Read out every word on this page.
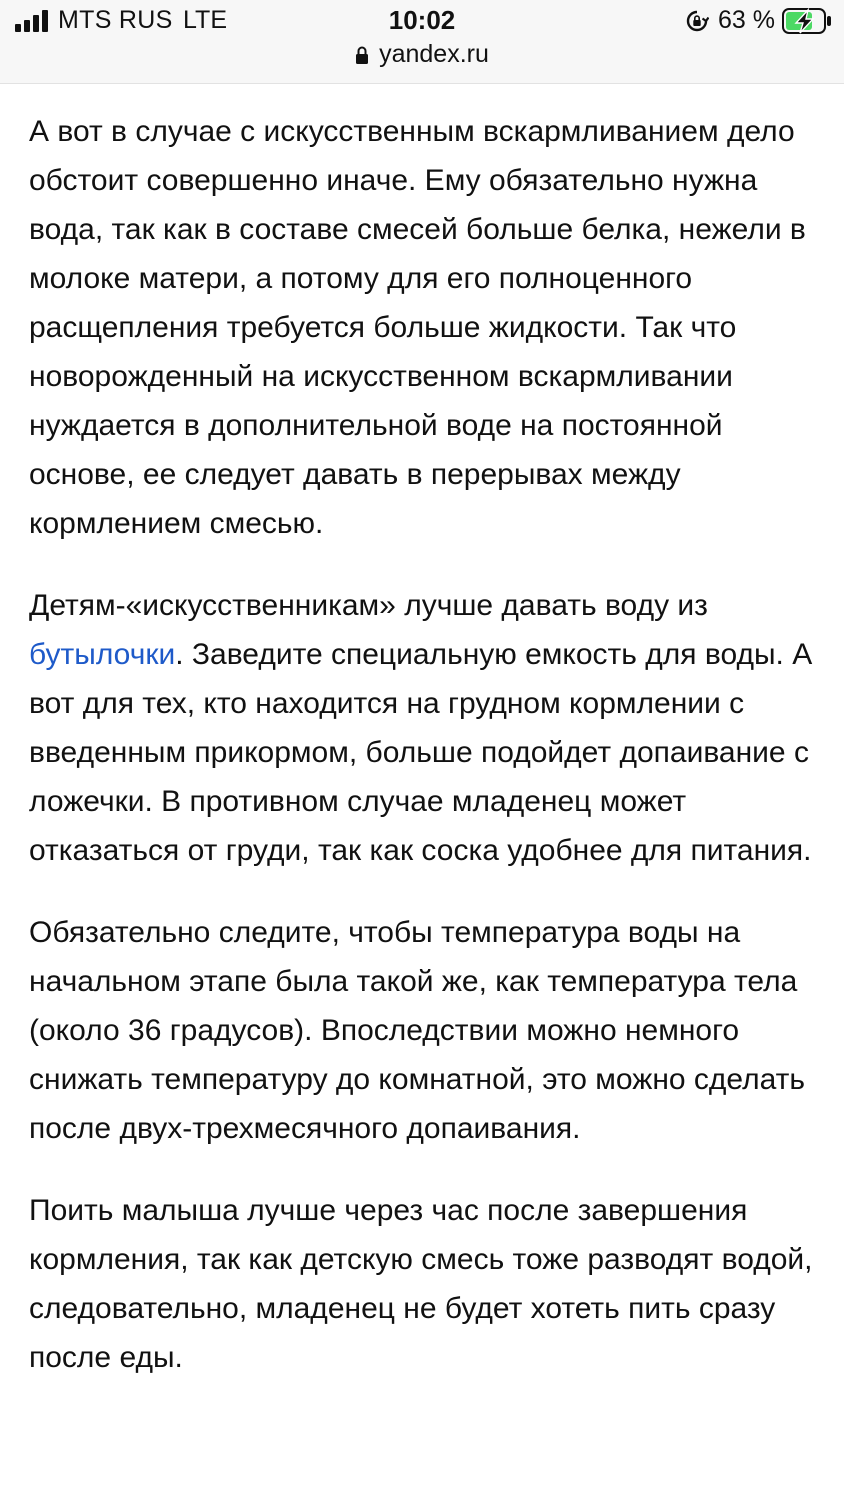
MTS RUS LTE	10:02	63 %
yandex.ru

А вот в случае с искусственным вскармливанием дело обстоит совершенно иначе. Ему обязательно нужна вода, так как в составе смесей больше белка, нежели в молоке матери, а потому для его полноценного расщепления требуется больше жидкости. Так что новорожденный на искусственном вскармливании нуждается в дополнительной воде на постоянной основе, ее следует давать в перерывах между кормлением смесью.

Детям-«искусственникам» лучше давать воду из бутылочки. Заведите специальную емкость для воды. А вот для тех, кто находится на грудном кормлении с введенным прикормом, больше подойдет допаивание с ложечки. В противном случае младенец может отказаться от груди, так как соска удобнее для питания.

Обязательно следите, чтобы температура воды на начальном этапе была такой же, как температура тела (около 36 градусов). Впоследствии можно немного снижать температуру до комнатной, это можно сделать после двух-трехмесячного допаивания.

Поить малыша лучше через час после завершения кормления, так как детскую смесь тоже разводят водой, следовательно, младенец не будет хотеть пить сразу после еды.
